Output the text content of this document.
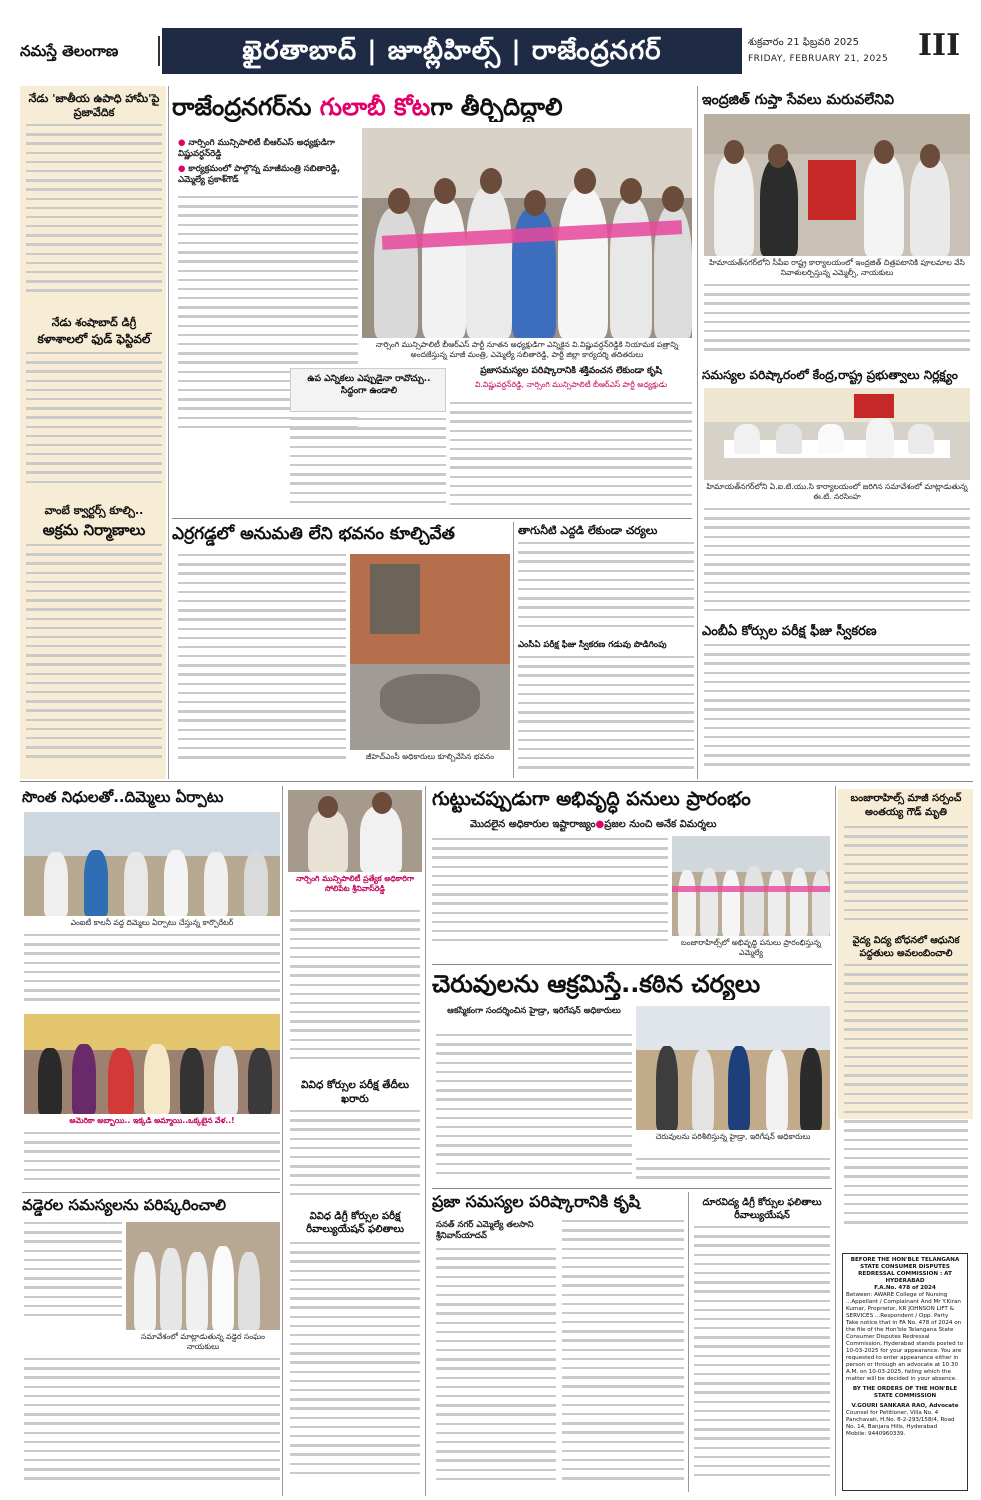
నమస్తే తెలంగాణ	ఖైరతాబాద్ | జూబ్లీహిల్స్ | రాజేంద్రనగర్	శుక్రవారం 21 ఫిబ్రవరి 2025
FRIDAY, FEBRUARY 21, 2025 III
నేడు 'జాతీయ ఉపాధి హామీ'పై ప్రజావేదిక
నేడు శంషాబాద్ డిగ్రీ
కళాశాలలో ఫుడ్ ఫెస్టివల్
వాంబే క్వార్టర్స్ కూల్చి..
అక్రమ నిర్మాణాలు
రాజేంద్రనగర్‌ను గులాబీ కోటగా తీర్చిదిద్దాలి
● నార్సింగి మున్సిపాలిటీ బీఆర్‌ఎస్ అధ్యక్షుడిగా విష్ణువర్ధన్‌రెడ్డి
● కార్యక్రమంలో పాల్గొన్న మాజీమంత్రి సబితారెడ్డి, ఎమ్మెల్యే ప్రకాశ్‌గౌడ్
నార్సింగి మున్సిపాలిటీ బీఆర్‌ఎస్ పార్టీ నూతన అధ్యక్షుడిగా ఎన్నికైన వి.విష్ణువర్ధన్‌రెడ్డికి నియామక పత్రాన్ని అందజేస్తున్న మాజీ మంత్రి, ఎమ్మెల్యే సబితారెడ్డి, పార్టీ జిల్లా కార్యదర్శి తదితరులు
ఉప ఎన్నికలు ఎప్పుడైనా రావొచ్చు.. సిద్ధంగా ఉండాలి
ప్రజాసమస్యల పరిష్కారానికి శక్తివంచన లేకుండా కృషి
వి.విష్ణువర్ధన్‌రెడ్డి, నార్సింగి మున్సిపాలిటీ బీఆర్‌ఎస్ పార్టీ అధ్యక్షుడు
ఇంద్రజిత్ గుప్తా సేవలు మరువలేనివి
హిమాయత్‌నగర్‌లోని సీపీఐ రాష్ట్ర కార్యాలయంలో ఇంద్రజిత్ చిత్రపటానికి పూలమాల వేసి నివాళులర్పిస్తున్న ఎమ్మెల్సీ, నాయకులు
సమస్యల పరిష్కారంలో కేంద్ర,రాష్ట్ర ప్రభుత్వాలు నిర్లక్ష్యం
హిమాయత్‌నగర్‌లోని ఏ.ఐ.టి.యు.సి కార్యాలయంలో జరిగిన సమావేశంలో మాట్లాడుతున్న ఈ.టి. నరసింహ
ఎంబీఏ కోర్సుల పరీక్ష ఫీజు స్వీకరణ
ఎర్రగడ్డలో అనుమతి లేని భవనం కూల్చివేత
జీహెచ్‌ఎంసీ అధికారులు కూల్చివేసిన భవనం
తాగునీటి ఎద్దడి లేకుండా చర్యలు
ఎంసీఏ పరీక్ష ఫీజు స్వీకరణ గడువు పొడిగింపు
సొంత నిధులతో..దిమ్మెలు ఏర్పాటు
ఎంఐటీ కాలనీ వద్ద దిమ్మెలు ఏర్పాటు చేస్తున్న కార్పొరేటర్
అమెరికా అబ్బాయి.. ఇక్కడి అమ్మాయి..ఒక్కటైన వేళ..!
వడ్డెరల సమస్యలను పరిష్కరించాలి
సమావేశంలో మాట్లాడుతున్న వడ్డెర సంఘం నాయకులు
నార్సింగి మున్సిపాలిటీ ప్రత్యేక అధికారిగా సోలిపేట శ్రీనివాస్‌రెడ్డి
వివిధ కోర్సుల పరీక్ష తేదీలు ఖరారు
వివిధ డిగ్రీ కోర్సుల పరీక్ష రీవాల్యుయేషన్ ఫలితాలు
గుట్టుచప్పుడుగా అభివృద్ధి పనులు ప్రారంభం
మొదలైన అధికారుల ఇష్టారాజ్యం●ప్రజల నుంచి అనేక విమర్శలు
బంజారాహిల్స్‌లో అభివృద్ధి పనులు ప్రారంభిస్తున్న ఎమ్మెల్యే
చెరువులను ఆక్రమిస్తే..కఠిన చర్యలు
ఆకస్మికంగా సందర్శించిన హైడ్రా, ఇరిగేషన్ అధికారులు
చెరువులను పరిశీలిస్తున్న హైడ్రా, ఇరిగేషన్ అధికారులు
ప్రజా సమస్యల పరిష్కారానికి కృషి
సనత్ నగర్ ఎమ్మెల్యే తలసాని శ్రీనివాస్‌యాదవ్
దూరవిద్య డిగ్రీ కోర్సుల ఫలితాలు రీవాల్యుయేషన్
బంజారాహిల్స్ మాజీ సర్పంచ్ అంతయ్య గౌడ్ మృతి
వైద్య విద్య బోధనలో ఆధునిక పద్ధతులు అవలంబించాలి
BEFORE THE HON'BLE TELANGANA STATE CONSUMER DISPUTES REDRESSAL COMMISSION : AT HYDERABAD
F.A.No. 478 of 2024
Between: AWARE College of Nursing ...Appellant / Complainant And Mr Y.Kiran Kumar, Proprietor, KR JOHNSON LIFT & SERVICES ...Respondent / Opp. Party
Take notice that in FA No. 478 of 2024 on the file of the Hon'ble Telangana State Consumer Disputes Redressal Commission, Hyderabad stands posted to 10-03-2025 for your appearance. You are requested to enter appearance either in person or through an advocate at 10.30 A.M. on 10-03-2025, failing which the matter will be decided in your absence.
BY THE ORDERS OF THE HON'BLE STATE COMMISSION
V.GOURI SANKARA RAO, Advocate
Counsel for Petitioner, Villa No. 4 Panchavati, H.No. 8-2-293/158/4, Road No. 14, Banjara Hills, Hyderabad
Mobile: 9440960339.
